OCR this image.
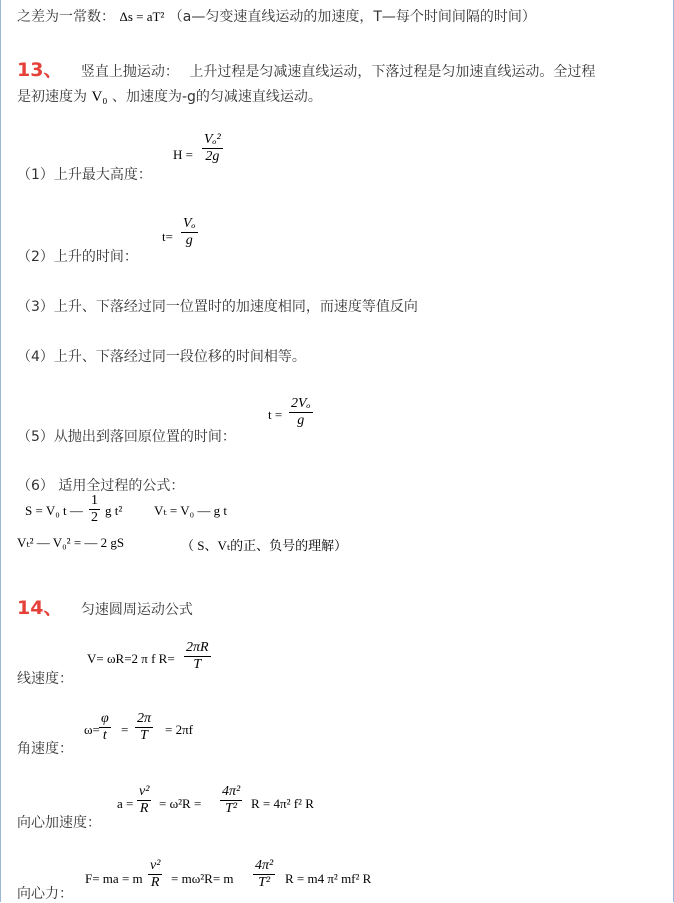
之差为一常数： Δs = aT² （a—匀变速直线运动的加速度，T—每个时间间隔的时间）
13、 竖直上抛运动： 上升过程是匀减速直线运动，下落过程是匀加速直线运动。全过程
是初速度为 V₀ 、加速度为-g的匀减速直线运动。
（1）上升最大高度：
$H = \frac{\text{Vₒ²}}{2g}$
（2）上升的时间：
$t= \frac{\text{Vₒ}}{g}$
（3）上升、下落经过同一位置时的加速度相同，而速度等值反向
（4）上升、下落经过同一段位移的时间相等。
（5）从抛出到落回原位置的时间：
$t = \frac{\text{2Vₒ}}{g}$
（6） 适用全过程的公式：
S = V₀ t — $\frac{1}{2}$ g t² Vₜ = V₀ — g t
Vₜ² — V₀² = — 2 gS	（ S、Vₜ的正、负号的理解）
14、 匀速圆周运动公式
线速度：
V= ωR=2 π f $R= \frac{2\pi R}{T}$
角速度：
$\omega= \frac{\varphi}{t} = \frac{2\pi}{T} = 2\pi f$
向心加速度：
$a = \frac{\text{v²}}{R} = \omega^2R = \frac{\text{4π²}}{\text{T²}}$ R = 4π² f² R
向心力：
F= ma = m $\frac{\text{v²}}{R} = m\omega^2R= m \frac{\text{4π²}}{\text{T²}}$ R = m4 π² mf² R
